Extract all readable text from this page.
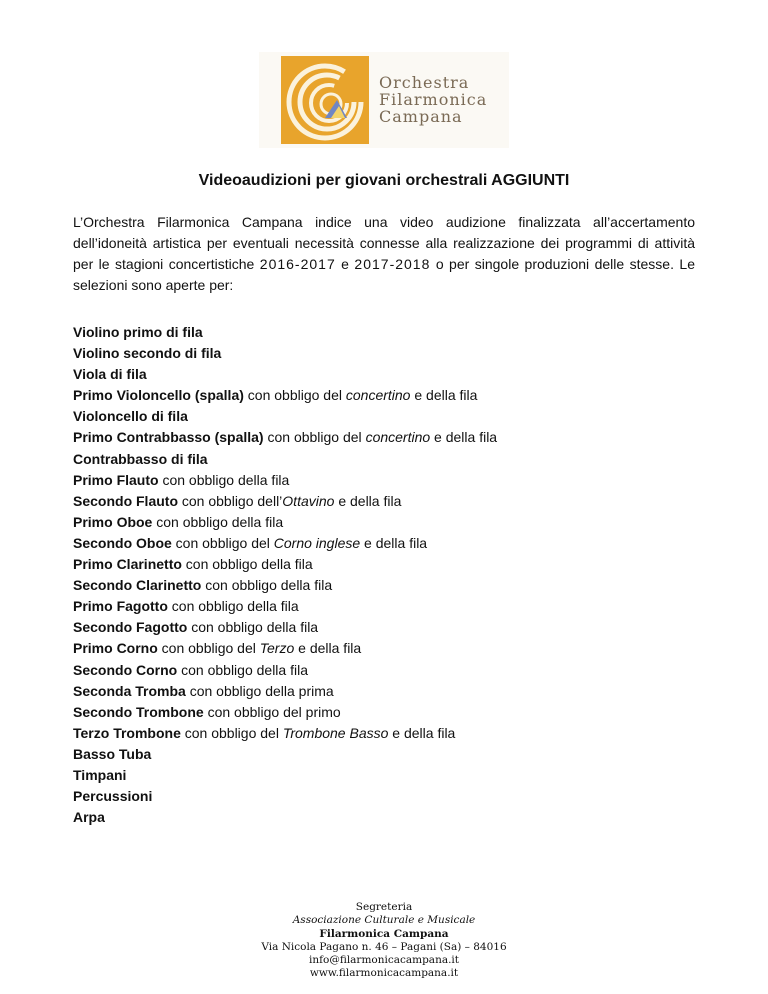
Orchestra
Filarmonica
Campana
Videoaudizioni per giovani orchestrali AGGIUNTI

L’Orchestra Filarmonica Campana indice una video audizione finalizzata all’accertamento dell’idoneità artistica per eventuali necessità connesse alla realizzazione dei programmi di attività per le stagioni concertistiche 2016-2017 e 2017-2018 o per singole produzioni delle stesse. Le selezioni sono aperte per:

Violino primo di fila
Violino secondo di fila
Viola di fila
Primo Violoncello (spalla) con obbligo del concertino e della fila
Violoncello di fila
Primo Contrabbasso (spalla) con obbligo del concertino e della fila
Contrabbasso di fila
Primo Flauto con obbligo della fila
Secondo Flauto con obbligo dell’Ottavino e della fila
Primo Oboe con obbligo della fila
Secondo Oboe con obbligo del Corno inglese e della fila
Primo Clarinetto con obbligo della fila
Secondo Clarinetto con obbligo della fila
Primo Fagotto con obbligo della fila
Secondo Fagotto con obbligo della fila
Primo Corno con obbligo del Terzo e della fila
Secondo Corno con obbligo della fila
Seconda Tromba con obbligo della prima
Secondo Trombone con obbligo del primo
Terzo Trombone con obbligo del Trombone Basso e della fila
Basso Tuba
Timpani
Percussioni
Arpa
Segreteria
Associazione Culturale e Musicale
Filarmonica Campana
Via Nicola Pagano n. 46 – Pagani (Sa) – 84016
info@filarmonicacampana.it
www.filarmonicacampana.it
